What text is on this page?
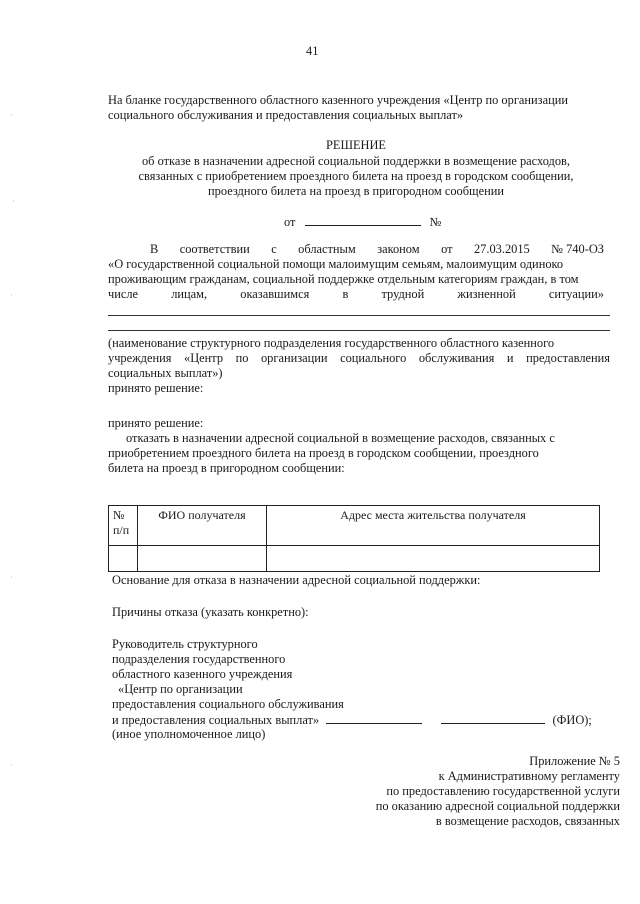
41
·
·
·
·
·
На бланке государственного областного казенного учреждения «Центр по организации
социального обслуживания и предоставления социальных выплат»
РЕШЕНИЕ
об отказе в назначении адресной социальной поддержки в возмещение расходов,
связанных с приобретением проездного билета на проезд в городском сообщении,
проездного билета на проезд в пригородном сообщении
от	№
В соответствии с областным законом от 27.03.2015 № 740-ОЗ
«О государственной социальной помощи малоимущим семьям, малоимущим одиноко
проживающим гражданам, социальной поддержке отдельным категориям граждан, в том
числе	лицам,	оказавшимся	в	трудной	жизненной	ситуации»
(наименование структурного подразделения государственного областного казенного
учреждения «Центр по организации социального обслуживания и предоставления
социальных выплат»)
принято решение:
принято решение:
отказать в назначении адресной социальной в возмещение расходов, связанных с
приобретением проездного билета на проезд в городском сообщении, проездного
билета на проезд в пригородном сообщении:
№
п/п	ФИО получателя	Адрес места жительства получателя

Основание для отказа в назначении адресной социальной поддержки:
Причины отказа (указать конкретно):
Руководитель структурного
подразделения государственного
областного казенного учреждения
«Центр по организации
предоставления социального обслуживания
и предоставления социальных выплат»	(ФИО);
(иное уполномоченное лицо)
Приложение № 5
к Административному регламенту
по предоставлению государственной услуги
по оказанию адресной социальной поддержки
в возмещение расходов, связанных
